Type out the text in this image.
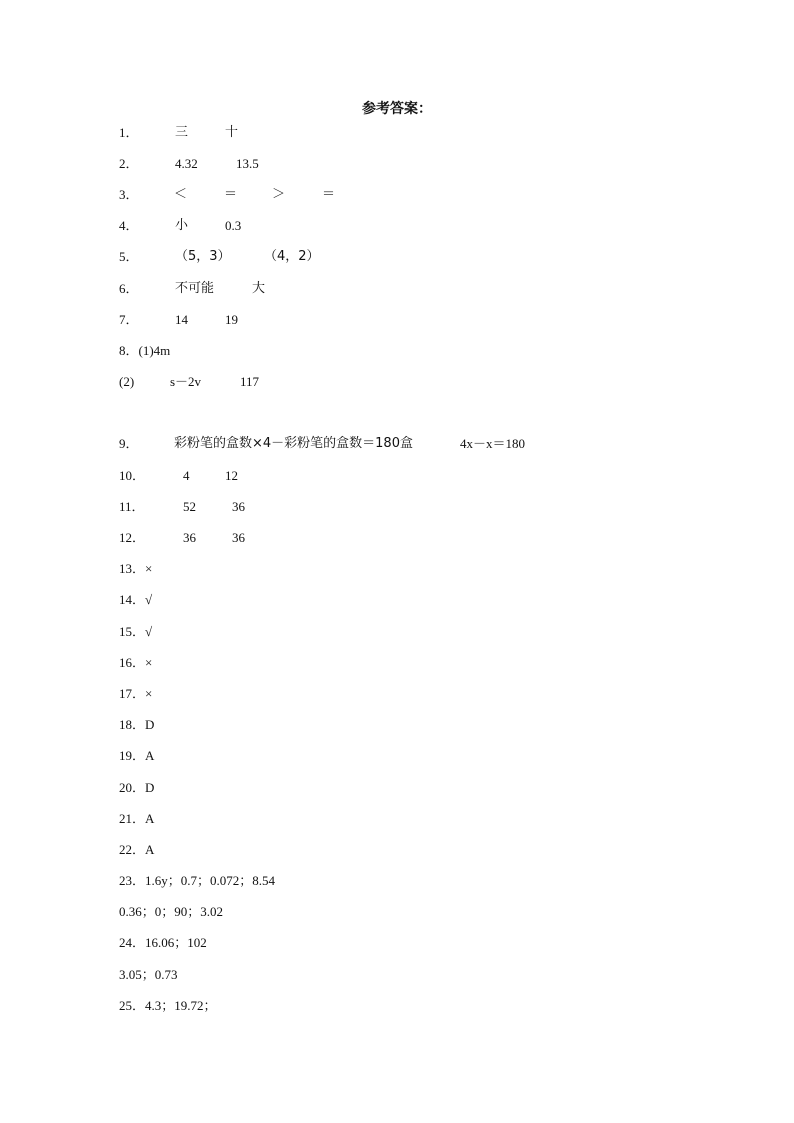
参考答案：
1．	三	十
2．	4.32	13.5
3．	＜	＝	＞	＝
4．	小	0.3
5．	（5，3）	（4，2）
6．	不可能	大
7．	14	19
8．(1)4m
(2)	s－2v	117
9．	彩粉笔的盒数×4－彩粉笔的盒数＝180盒	4x－x＝180
10．	4	12
11．	52	36
12．	36	36
13．×
14．√
15．√
16．×
17．×
18．D
19．A
20．D
21．A
22．A
23．1.6y；0.7；0.072；8.54
0.36；0；90；3.02
24．16.06；102
3.05；0.73
25．4.3；19.72；
